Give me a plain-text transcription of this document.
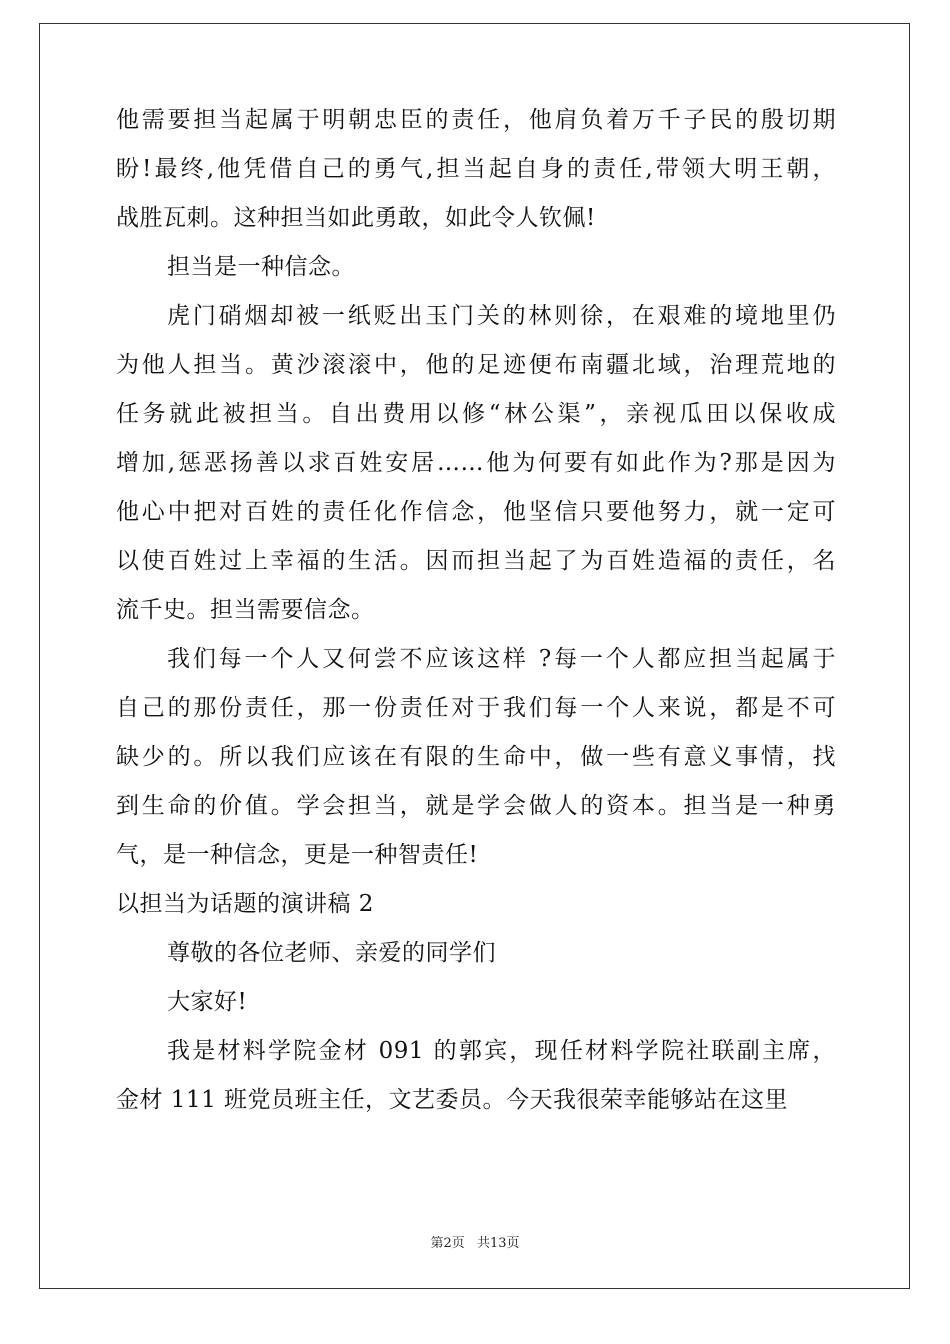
他需要担当起属于明朝忠臣的责任，他肩负着万千子民的殷切期
盼!最终,他凭借自己的勇气,担当起自身的责任,带领大明王朝，
战胜瓦刺。这种担当如此勇敢，如此令人钦佩!
担当是一种信念。
虎门硝烟却被一纸贬出玉门关的林则徐，在艰难的境地里仍
为他人担当。黄沙滚滚中，他的足迹便布南疆北域，治理荒地的
任务就此被担当。自出费用以修“林公渠”，亲视瓜田以保收成
增加,惩恶扬善以求百姓安居……他为何要有如此作为?那是因为
他心中把对百姓的责任化作信念，他坚信只要他努力，就一定可
以使百姓过上幸福的生活。因而担当起了为百姓造福的责任，名
流千史。担当需要信念。
我们每一个人又何尝不应该这样 ?每一个人都应担当起属于
自己的那份责任，那一份责任对于我们每一个人来说，都是不可
缺少的。所以我们应该在有限的生命中，做一些有意义事情，找
到生命的价值。学会担当，就是学会做人的资本。担当是一种勇
气，是一种信念，更是一种智责任!
以担当为话题的演讲稿 2
尊敬的各位老师、亲爱的同学们
大家好!
我是材料学院金材 091 的郭宾，现任材料学院社联副主席，
金材 111 班党员班主任，文艺委员。今天我很荣幸能够站在这里
第2页 共13页
